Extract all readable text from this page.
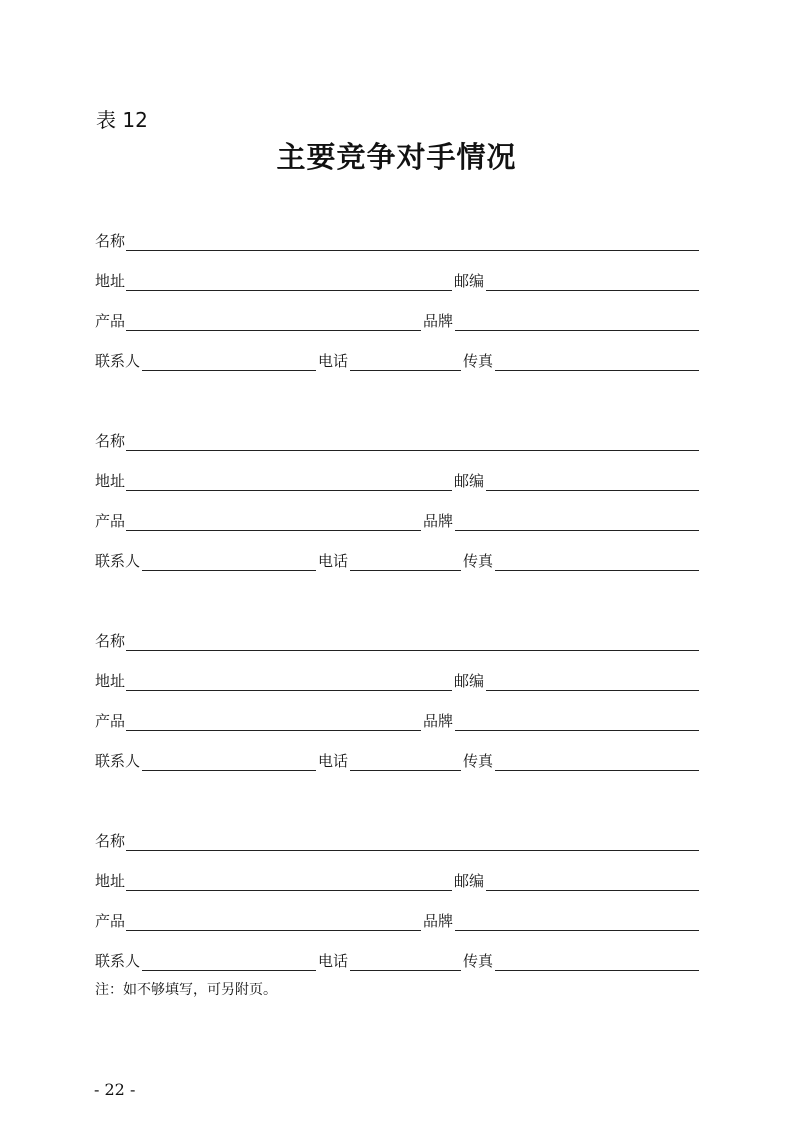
表 12
主要竞争对手情况
名称
地址	邮编
产品	品牌
联系人	电话	传真
名称
地址	邮编
产品	品牌
联系人	电话	传真
名称
地址	邮编
产品	品牌
联系人	电话	传真
名称
地址	邮编
产品	品牌
联系人	电话	传真
注：如不够填写，可另附页。
- 22 -
